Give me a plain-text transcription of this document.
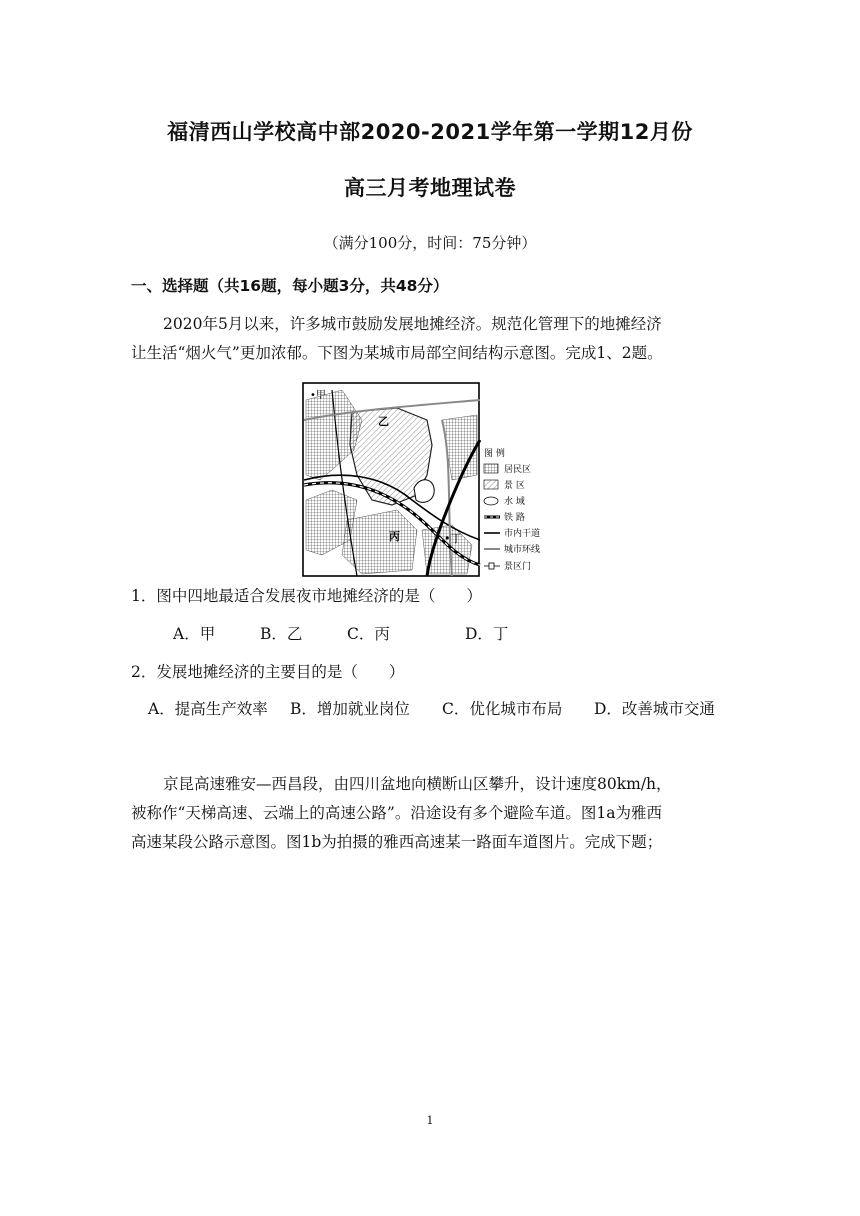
福清西山学校高中部2020-2021学年第一学期12月份
高三月考地理试卷
（满分100分，时间：75分钟）
一、选择题（共16题，每小题3分，共48分）
2020年5月以来，许多城市鼓励发展地摊经济。规范化管理下的地摊经济
让生活“烟火气”更加浓郁。下图为某城市局部空间结构示意图。完成1、2题。
•甲
乙
丙	•丁
图 例
居民区
景 区
水 域
铁 路
市内干道
城市环线
景区门
1．图中四地最适合发展夜市地摊经济的是（　　）
A．甲	B．乙	C．丙	D．丁
2．发展地摊经济的主要目的是（　　）
A．提高生产效率 B．增加就业岗位 C．优化城市布局 D．改善城市交通
京昆高速雅安—西昌段，由四川盆地向横断山区攀升，设计速度80km/h，
被称作“天梯高速、云端上的高速公路”。沿途设有多个避险车道。图1a为雅西
高速某段公路示意图。图1b为拍摄的雅西高速某一路面车道图片。完成下题；
1
